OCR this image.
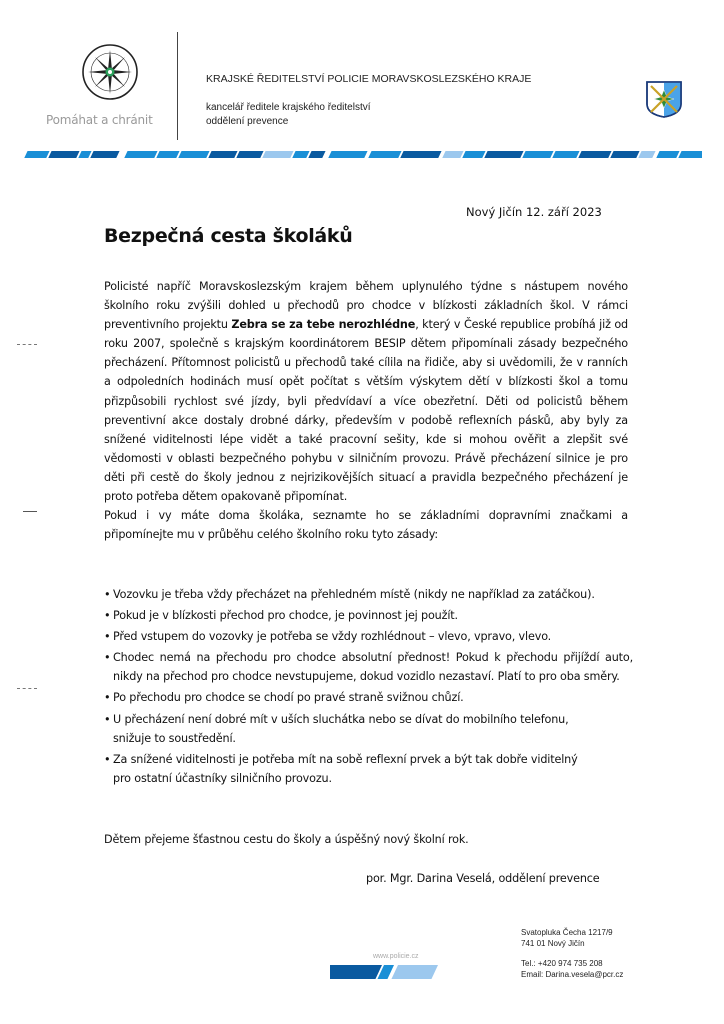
Pomáhat a chránit
KRAJSKÉ ŘEDITELSTVÍ POLICIE MORAVSKOSLEZSKÉHO KRAJE
kancelář ředitele krajského ředitelství
oddělení prevence
Nový Jičín 12. září 2023
Bezpečná cesta školáků

Policisté napříč Moravskoslezským krajem během uplynulého týdne s nástupem nového školního roku zvýšili dohled u přechodů pro chodce v blízkosti základních škol. V rámci preventivního projektu Zebra se za tebe nerozhlédne, který v České republice probíhá již od roku 2007, společně s krajským koordinátorem BESIP dětem připomínali zásady bezpečného přecházení. Přítomnost policistů u přechodů také cílila na řidiče, aby si uvědomili, že v ranních a odpoledních hodinách musí opět počítat s větším výskytem dětí v blízkosti škol a tomu přizpůsobili rychlost své jízdy, byli předvídaví a více obezřetní. Děti od policistů během preventivní akce dostaly drobné dárky, především v podobě reflexních pásků, aby byly za snížené viditelnosti lépe vidět a také pracovní sešity, kde si mohou ověřit a zlepšit své vědomosti v oblasti bezpečného pohybu v silničním provozu. Právě přecházení silnice je pro děti při cestě do školy jednou z nejrizikovějších situací a pravidla bezpečného přecházení je proto potřeba dětem opakovaně připomínat.

Pokud i vy máte doma školáka, seznamte ho se základními dopravními značkami a připomínejte mu v průběhu celého školního roku tyto zásady:

• Vozovku je třeba vždy přecházet na přehledném místě (nikdy ne například za zatáčkou).
• Pokud je v blízkosti přechod pro chodce, je povinnost jej použít.
• Před vstupem do vozovky je potřeba se vždy rozhlédnout – vlevo, vpravo, vlevo.
• Chodec nemá na přechodu pro chodce absolutní přednost! Pokud k přechodu přijíždí auto, nikdy na přechod pro chodce nevstupujeme, dokud vozidlo nezastaví. Platí to pro oba směry.
• Po přechodu pro chodce se chodí po pravé straně svižnou chůzí.
• U přecházení není dobré mít v uších sluchátka nebo se dívat do mobilního telefonu, snižuje to soustředění.
• Za snížené viditelnosti je potřeba mít na sobě reflexní prvek a být tak dobře viditelný pro ostatní účastníky silničního provozu.
Dětem přejeme šťastnou cestu do školy a úspěšný nový školní rok.
por. Mgr. Darina Veselá, oddělení prevence
www.policie.cz
Svatopluka Čecha 1217/9
741 01 Nový Jičín
Tel.: +420 974 735 208
Email: Darina.vesela@pcr.cz
